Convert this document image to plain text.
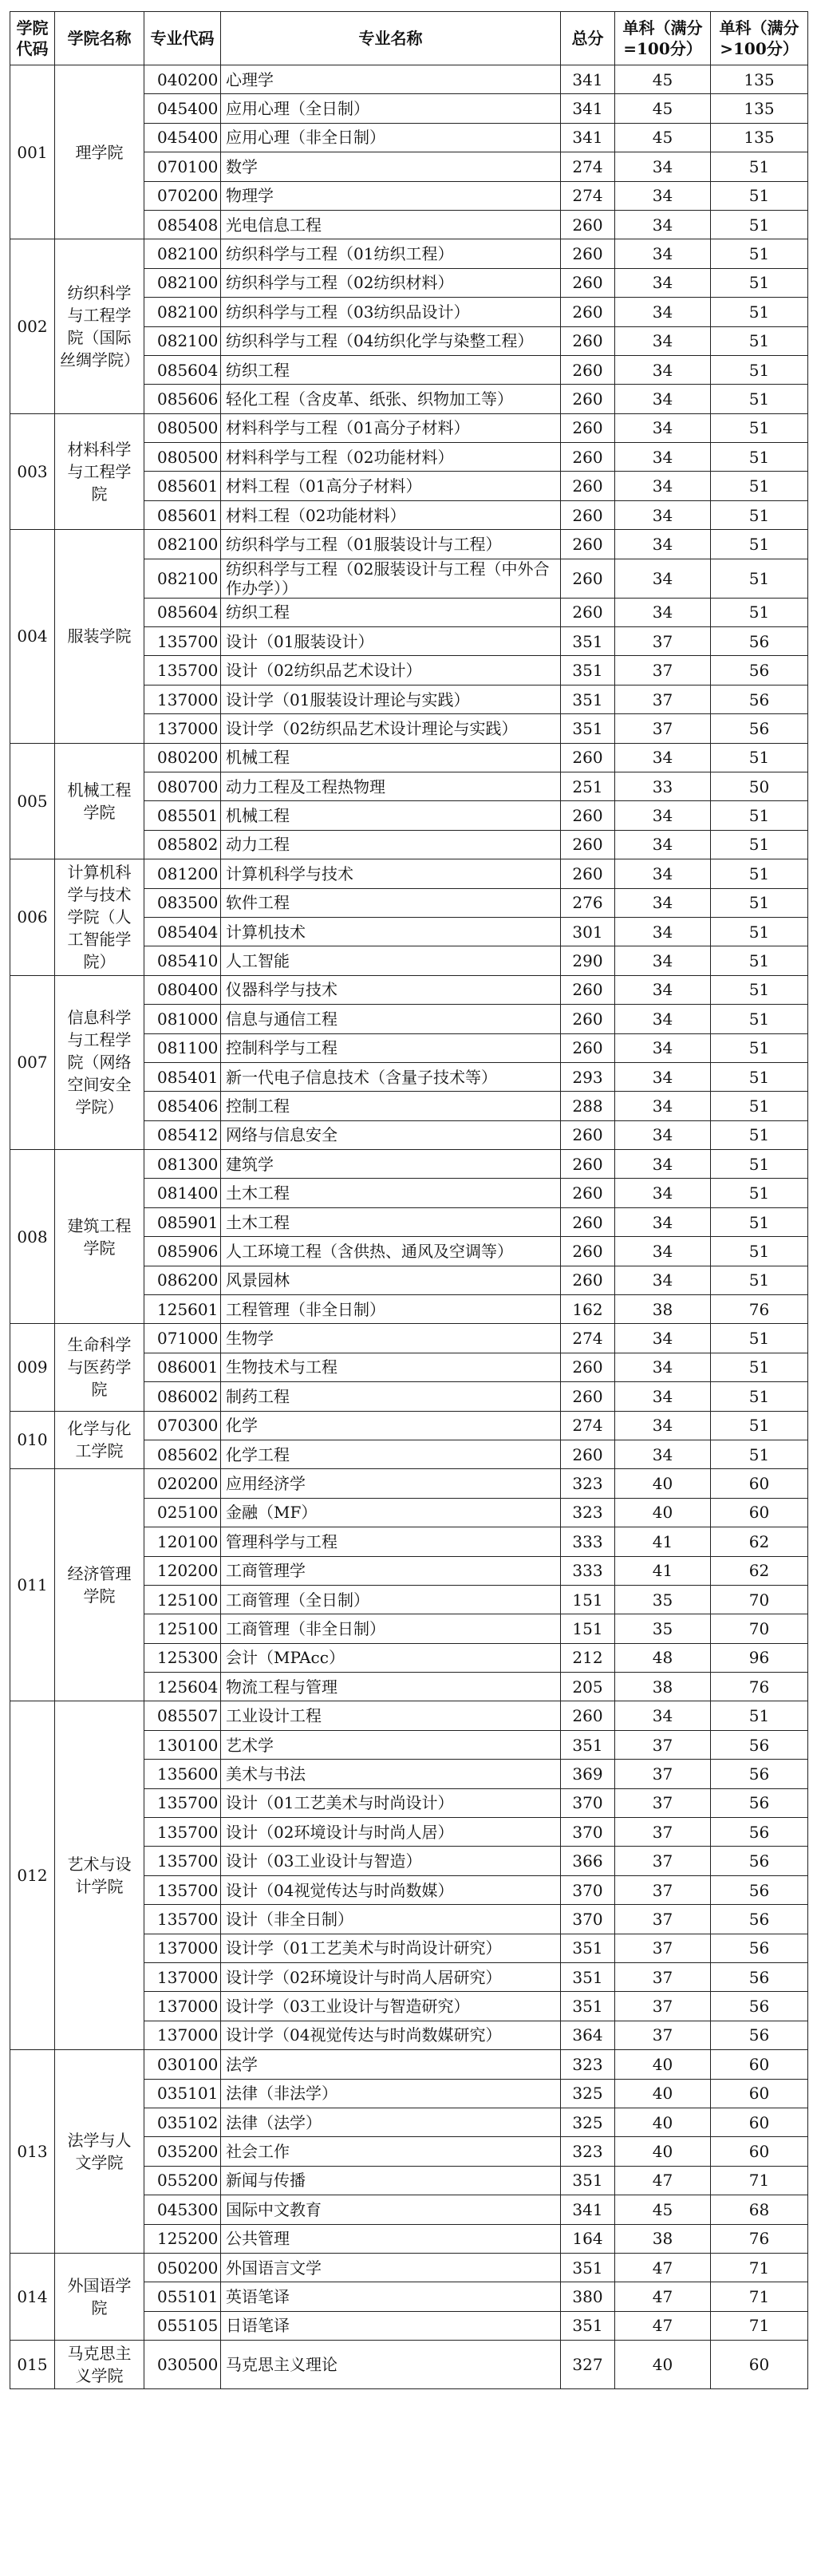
学院代码	学院名称	专业代码	专业名称	总分	单科（满分=100分）	单科（满分>100分）
001	理学院	040200	心理学	341	45	135
		045400	应用心理（全日制）	341	45	135
		045400	应用心理（非全日制）	341	45	135
		070100	数学	274	34	51
		070200	物理学	274	34	51
		085408	光电信息工程	260	34	51
002	纺织科学与工程学院（国际丝绸学院）	082100	纺织科学与工程（01纺织工程）	260	34	51
		082100	纺织科学与工程（02纺织材料）	260	34	51
		082100	纺织科学与工程（03纺织品设计）	260	34	51
		082100	纺织科学与工程（04纺织化学与染整工程）	260	34	51
		085604	纺织工程	260	34	51
		085606	轻化工程（含皮革、纸张、织物加工等）	260	34	51
003	材料科学与工程学院	080500	材料科学与工程（01高分子材料）	260	34	51
		080500	材料科学与工程（02功能材料）	260	34	51
		085601	材料工程（01高分子材料）	260	34	51
		085601	材料工程（02功能材料）	260	34	51
004	服装学院	082100	纺织科学与工程（01服装设计与工程）	260	34	51
		082100	纺织科学与工程（02服装设计与工程（中外合作办学））	260	34	51
		085604	纺织工程	260	34	51
		135700	设计（01服装设计）	351	37	56
		135700	设计（02纺织品艺术设计）	351	37	56
		137000	设计学（01服装设计理论与实践）	351	37	56
		137000	设计学（02纺织品艺术设计理论与实践）	351	37	56
005	机械工程学院	080200	机械工程	260	34	51
		080700	动力工程及工程热物理	251	33	50
		085501	机械工程	260	34	51
		085802	动力工程	260	34	51
006	计算机科学与技术学院（人工智能学院）	081200	计算机科学与技术	260	34	51
		083500	软件工程	276	34	51
		085404	计算机技术	301	34	51
		085410	人工智能	290	34	51
007	信息科学与工程学院（网络空间安全学院）	080400	仪器科学与技术	260	34	51
		081000	信息与通信工程	260	34	51
		081100	控制科学与工程	260	34	51
		085401	新一代电子信息技术（含量子技术等）	293	34	51
		085406	控制工程	288	34	51
		085412	网络与信息安全	260	34	51
008	建筑工程学院	081300	建筑学	260	34	51
		081400	土木工程	260	34	51
		085901	土木工程	260	34	51
		085906	人工环境工程（含供热、通风及空调等）	260	34	51
		086200	风景园林	260	34	51
		125601	工程管理（非全日制）	162	38	76
009	生命科学与医药学院	071000	生物学	274	34	51
		086001	生物技术与工程	260	34	51
		086002	制药工程	260	34	51
010	化学与化工学院	070300	化学	274	34	51
		085602	化学工程	260	34	51
011	经济管理学院	020200	应用经济学	323	40	60
		025100	金融（MF）	323	40	60
		120100	管理科学与工程	333	41	62
		120200	工商管理学	333	41	62
		125100	工商管理（全日制）	151	35	70
		125100	工商管理（非全日制）	151	35	70
		125300	会计（MPAcc）	212	48	96
		125604	物流工程与管理	205	38	76
012	艺术与设计学院	085507	工业设计工程	260	34	51
		130100	艺术学	351	37	56
		135600	美术与书法	369	37	56
		135700	设计（01工艺美术与时尚设计）	370	37	56
		135700	设计（02环境设计与时尚人居）	370	37	56
		135700	设计（03工业设计与智造）	366	37	56
		135700	设计（04视觉传达与时尚数媒）	370	37	56
		135700	设计（非全日制）	370	37	56
		137000	设计学（01工艺美术与时尚设计研究）	351	37	56
		137000	设计学（02环境设计与时尚人居研究）	351	37	56
		137000	设计学（03工业设计与智造研究）	351	37	56
		137000	设计学（04视觉传达与时尚数媒研究）	364	37	56
013	法学与人文学院	030100	法学	323	40	60
		035101	法律（非法学）	325	40	60
		035102	法律（法学）	325	40	60
		035200	社会工作	323	40	60
		055200	新闻与传播	351	47	71
		045300	国际中文教育	341	45	68
		125200	公共管理	164	38	76
014	外国语学院	050200	外国语言文学	351	47	71
		055101	英语笔译	380	47	71
		055105	日语笔译	351	47	71
015	马克思主义学院	030500	马克思主义理论	327	40	60
